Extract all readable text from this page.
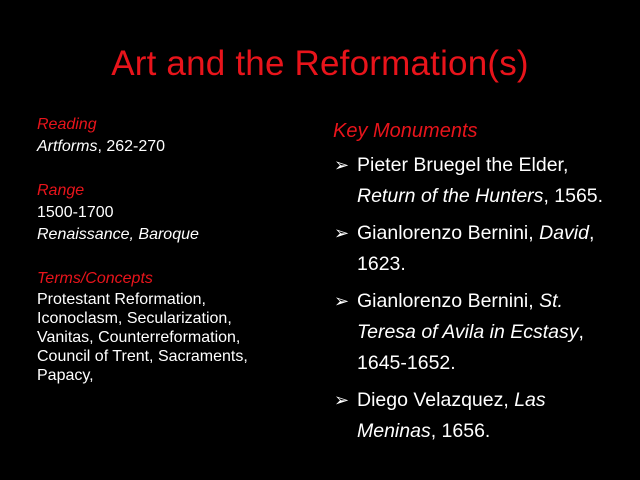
Art and the Reformation(s)
Reading
Artforms, 262-270
Range
1500-1700
Renaissance, Baroque
Terms/Concepts
Protestant Reformation,
Iconoclasm, Secularization,
Vanitas, Counterreformation,
Council of Trent, Sacraments,
Papacy,
Key Monuments
➢ Pieter Bruegel the Elder, Return of the Hunters, 1565.
➢ Gianlorenzo Bernini, David, 1623.
➢ Gianlorenzo Bernini, St. Teresa of Avila in Ecstasy, 1645-1652.
➢ Diego Velazquez, Las Meninas, 1656.
